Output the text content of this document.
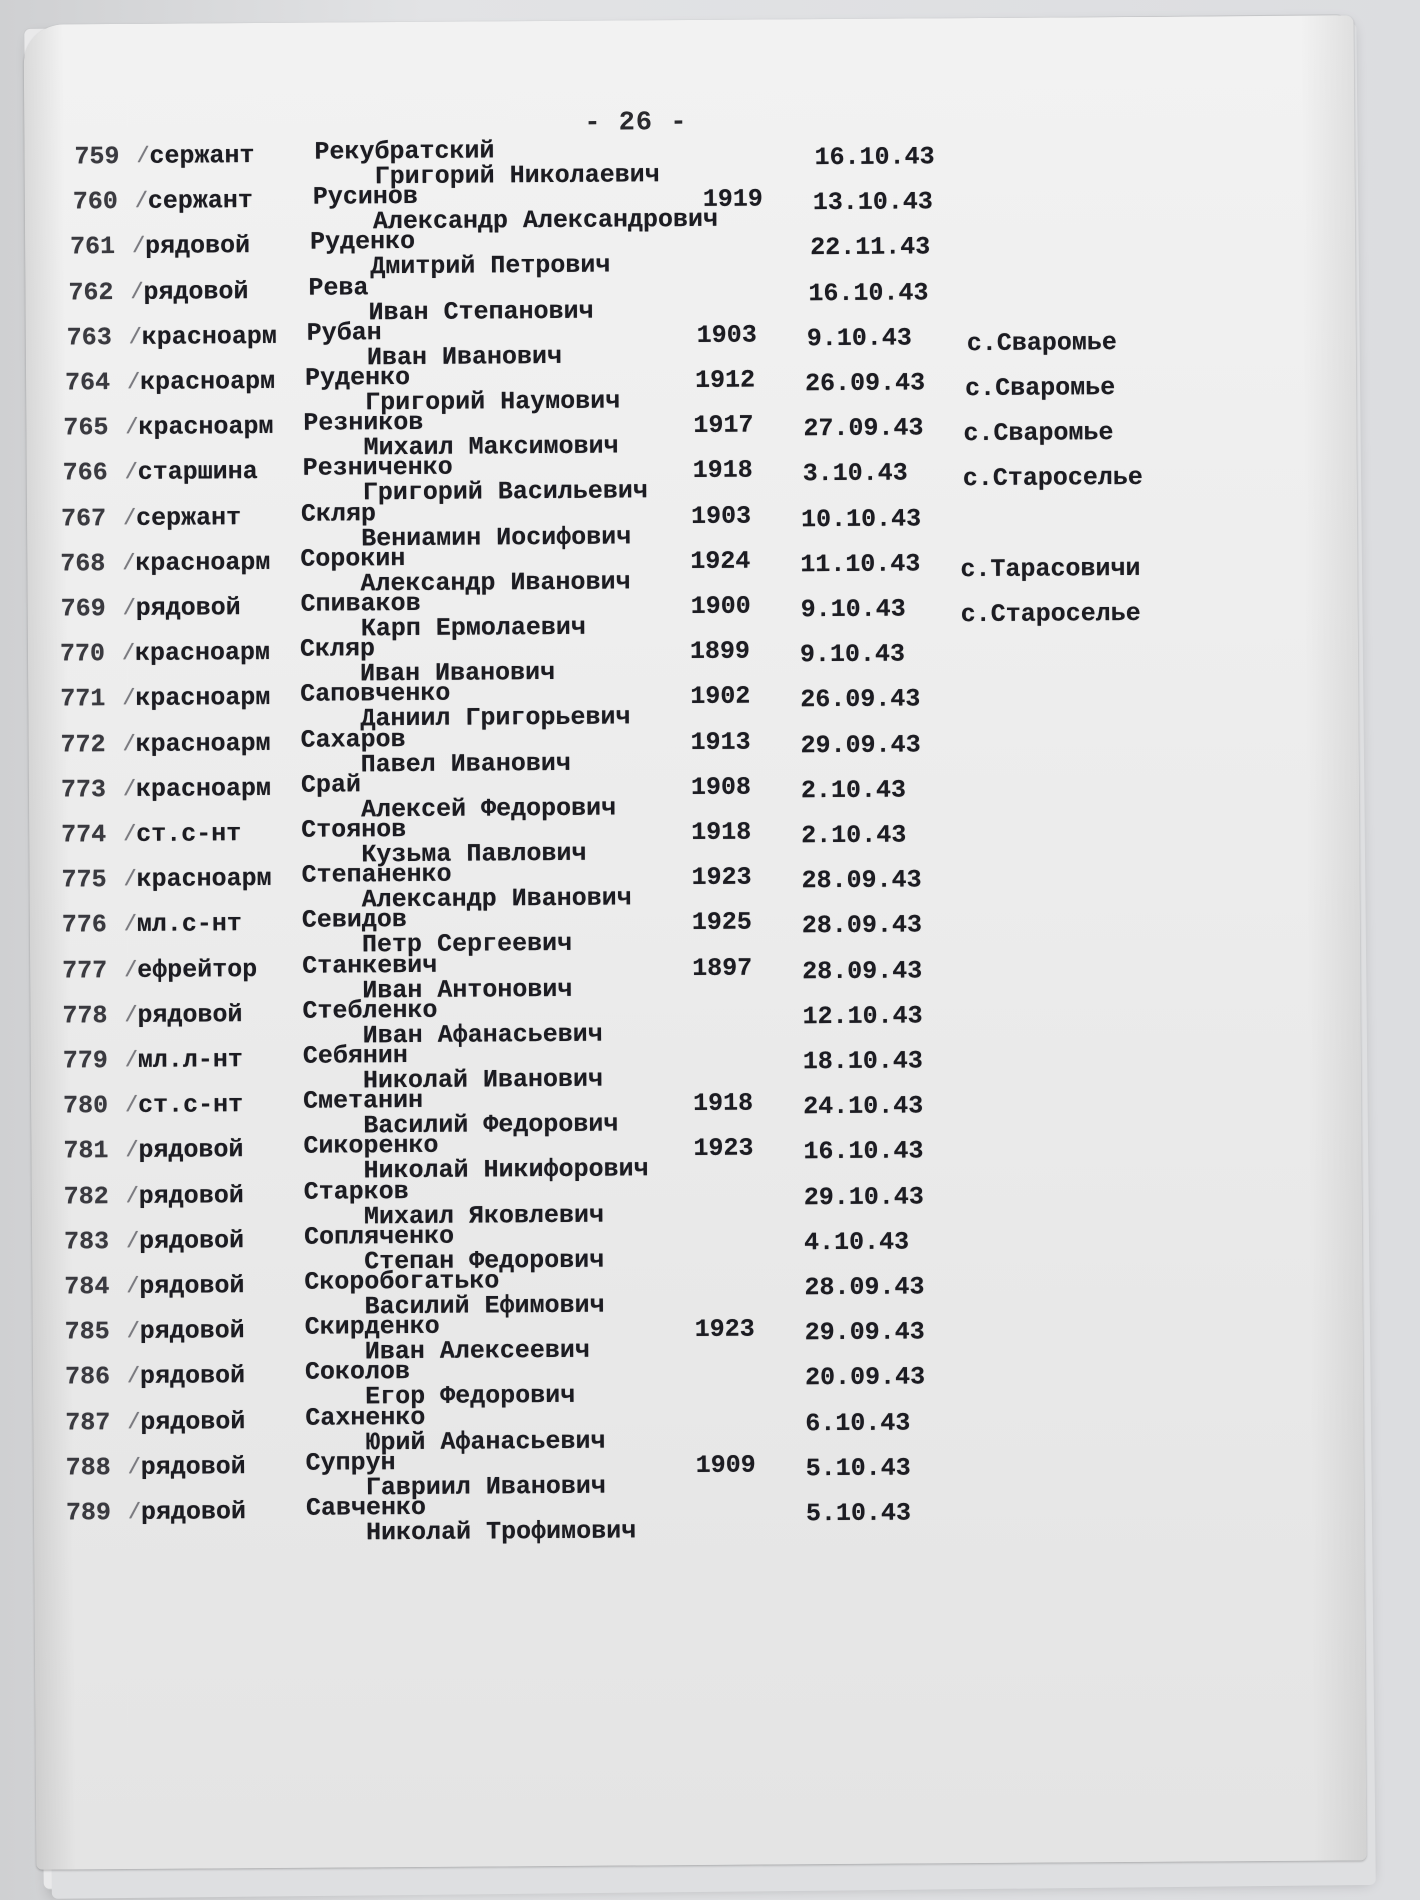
- 26 -
759 / сержант Рекубратский
Григорий Николаевич
16.10.43
760 / сержант Русинов
Александр Александрович
1919 13.10.43
761 / рядовой Руденко
Дмитрий Петрович
22.11.43
762 / рядовой Рева
Иван Степанович
16.10.43
763 / красноарм Рубан
Иван Иванович
1903 9.10.43 с.Сваромье
764 / красноарм Руденко
Григорий Наумович
1912 26.09.43 с.Сваромье
765 / красноарм Резников
Михаил Максимович
1917 27.09.43 с.Сваромье
766 / старшина Резниченко
Григорий Васильевич
1918 3.10.43 с.Староселье
767 / сержант Скляр
Вениамин Иосифович
1903 10.10.43
768 / красноарм Сорокин
Александр Иванович
1924 11.10.43 с.Тарасовичи
769 / рядовой Спиваков
Карп Ермолаевич
1900 9.10.43 с.Староселье
770 / красноарм Скляр
Иван Иванович
1899 9.10.43
771 / красноарм Саповченко
Даниил Григорьевич
1902 26.09.43
772 / красноарм Сахаров
Павел Иванович
1913 29.09.43
773 / красноарм Срай
Алексей Федорович
1908 2.10.43
774 / ст.с-нт Стоянов
Кузьма Павлович
1918 2.10.43
775 / красноарм Степаненко
Александр Иванович
1923 28.09.43
776 / мл.с-нт Севидов
Петр Сергеевич
1925 28.09.43
777 / ефрейтор Станкевич
Иван Антонович
1897 28.09.43
778 / рядовой Стебленко
Иван Афанасьевич
12.10.43
779 / мл.л-нт Себянин
Николай Иванович
18.10.43
780 / ст.с-нт Сметанин
Василий Федорович
1918 24.10.43
781 / рядовой Сикоренко
Николай Никифорович
1923 16.10.43
782 / рядовой Старков
Михаил Яковлевич
29.10.43
783 / рядовой Сопляченко
Степан Федорович
4.10.43
784 / рядовой Скоробогатько
Василий Ефимович
28.09.43
785 / рядовой Скирденко
Иван Алексеевич
1923 29.09.43
786 / рядовой Соколов
Егор Федорович
20.09.43
787 / рядовой Сахненко
Юрий Афанасьевич
6.10.43
788 / рядовой Супрун
Гавриил Иванович
1909 5.10.43
789 / рядовой Савченко
Николай Трофимович
5.10.43
